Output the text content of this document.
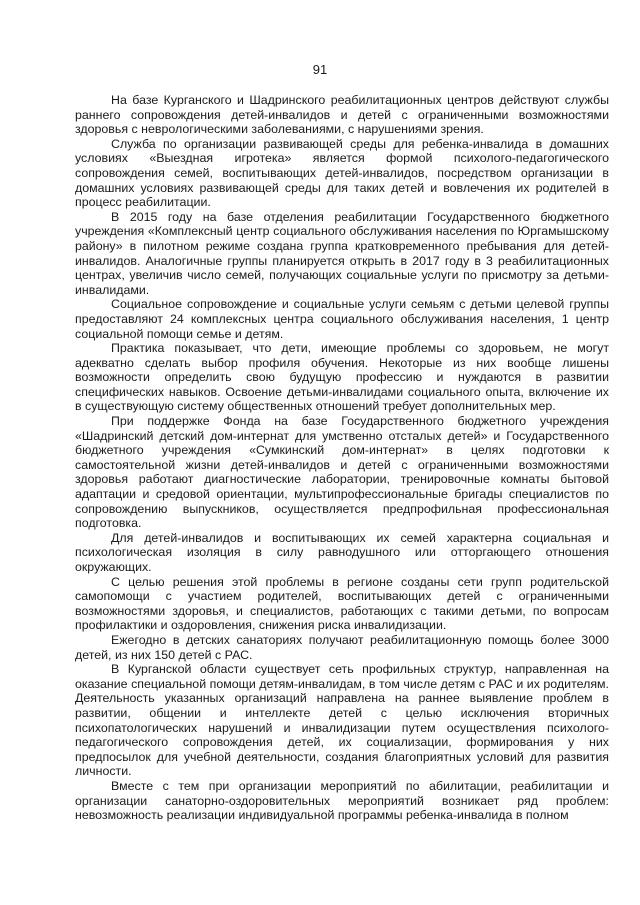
91

На базе Курганского и Шадринского реабилитационных центров действуют службы раннего сопровождения детей-инвалидов и детей с ограниченными возможностями здоровья с неврологическими заболеваниями, с нарушениями зрения.

Служба по организации развивающей среды для ребенка-инвалида в домашних условиях «Выездная игротека» является формой психолого-педагогического сопровождения семей, воспитывающих детей-инвалидов, посредством организации в домашних условиях развивающей среды для таких детей и вовлечения их родителей в процесс реабилитации.

В 2015 году на базе отделения реабилитации Государственного бюджетного учреждения «Комплексный центр социального обслуживания населения по Юргамышскому району» в пилотном режиме создана группа кратковременного пребывания для детей-инвалидов. Аналогичные группы планируется открыть в 2017 году в 3 реабилитационных центрах, увеличив число семей, получающих социальные услуги по присмотру за детьми-инвалидами.

Социальное сопровождение и социальные услуги семьям с детьми целевой группы предоставляют 24 комплексных центра социального обслуживания населения, 1 центр социальной помощи семье и детям.

Практика показывает, что дети, имеющие проблемы со здоровьем, не могут адекватно сделать выбор профиля обучения. Некоторые из них вообще лишены возможности определить свою будущую профессию и нуждаются в развитии специфических навыков. Освоение детьми-инвалидами социального опыта, включение их в существующую систему общественных отношений требует дополнительных мер.

При поддержке Фонда на базе Государственного бюджетного учреждения «Шадринский детский дом-интернат для умственно отсталых детей» и Государственного бюджетного учреждения «Сумкинский дом-интернат» в целях подготовки к самостоятельной жизни детей-инвалидов и детей с ограниченными возможностями здоровья работают диагностические лаборатории, тренировочные комнаты бытовой адаптации и средовой ориентации, мультипрофессиональные бригады специалистов по сопровождению выпускников, осуществляется предпрофильная профессиональная подготовка.

Для детей-инвалидов и воспитывающих их семей характерна социальная и психологическая изоляция в силу равнодушного или отторгающего отношения окружающих.

С целью решения этой проблемы в регионе созданы сети групп родительской самопомощи с участием родителей, воспитывающих детей с ограниченными возможностями здоровья, и специалистов, работающих с такими детьми, по вопросам профилактики и оздоровления, снижения риска инвалидизации.

Ежегодно в детских санаториях получают реабилитационную помощь более 3000 детей, из них 150 детей с РАС.

В Курганской области существует сеть профильных структур, направленная на оказание специальной помощи детям-инвалидам, в том числе детям с РАС и их родителям. Деятельность указанных организаций направлена на раннее выявление проблем в развитии, общении и интеллекте детей с целью исключения вторичных психопатологических нарушений и инвалидизации путем осуществления психолого-педагогического сопровождения детей, их социализации, формирования у них предпосылок для учебной деятельности, создания благоприятных условий для развития личности.

Вместе с тем при организации мероприятий по абилитации, реабилитации и организации санаторно-оздоровительных мероприятий возникает ряд проблем: невозможность реализации индивидуальной программы ребенка-инвалида в полном
